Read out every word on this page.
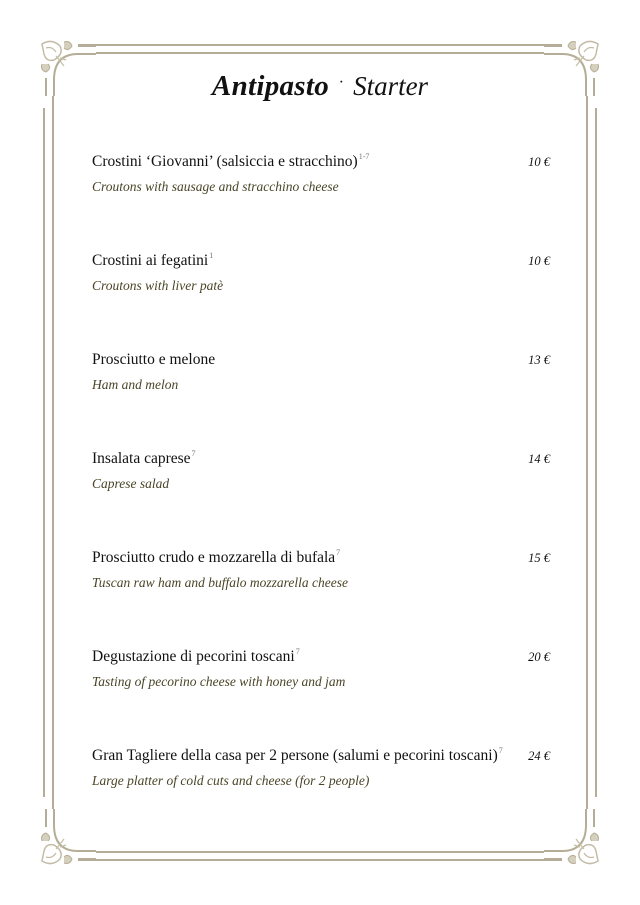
Antipasto · Starter
Crostini ‘Giovanni’ (salsiccia e stracchino)$^{1-7}$
Croutons with sausage and stracchino cheese
10 €
Crostini ai fegatini$^1$
Croutons with liver patè
10 €
Prosciutto e melone
Ham and melon
13 €
Insalata caprese$^7$
Caprese salad
14 €
Prosciutto crudo e mozzarella di bufala$^7$
Tuscan raw ham and buffalo mozzarella cheese
15 €
Degustazione di pecorini toscani$^7$
Tasting of pecorino cheese with honey and jam
20 €
Gran Tagliere della casa per 2 persone (salumi e pecorini toscani)$^7$
Large platter of cold cuts and cheese (for 2 people)
24 €
